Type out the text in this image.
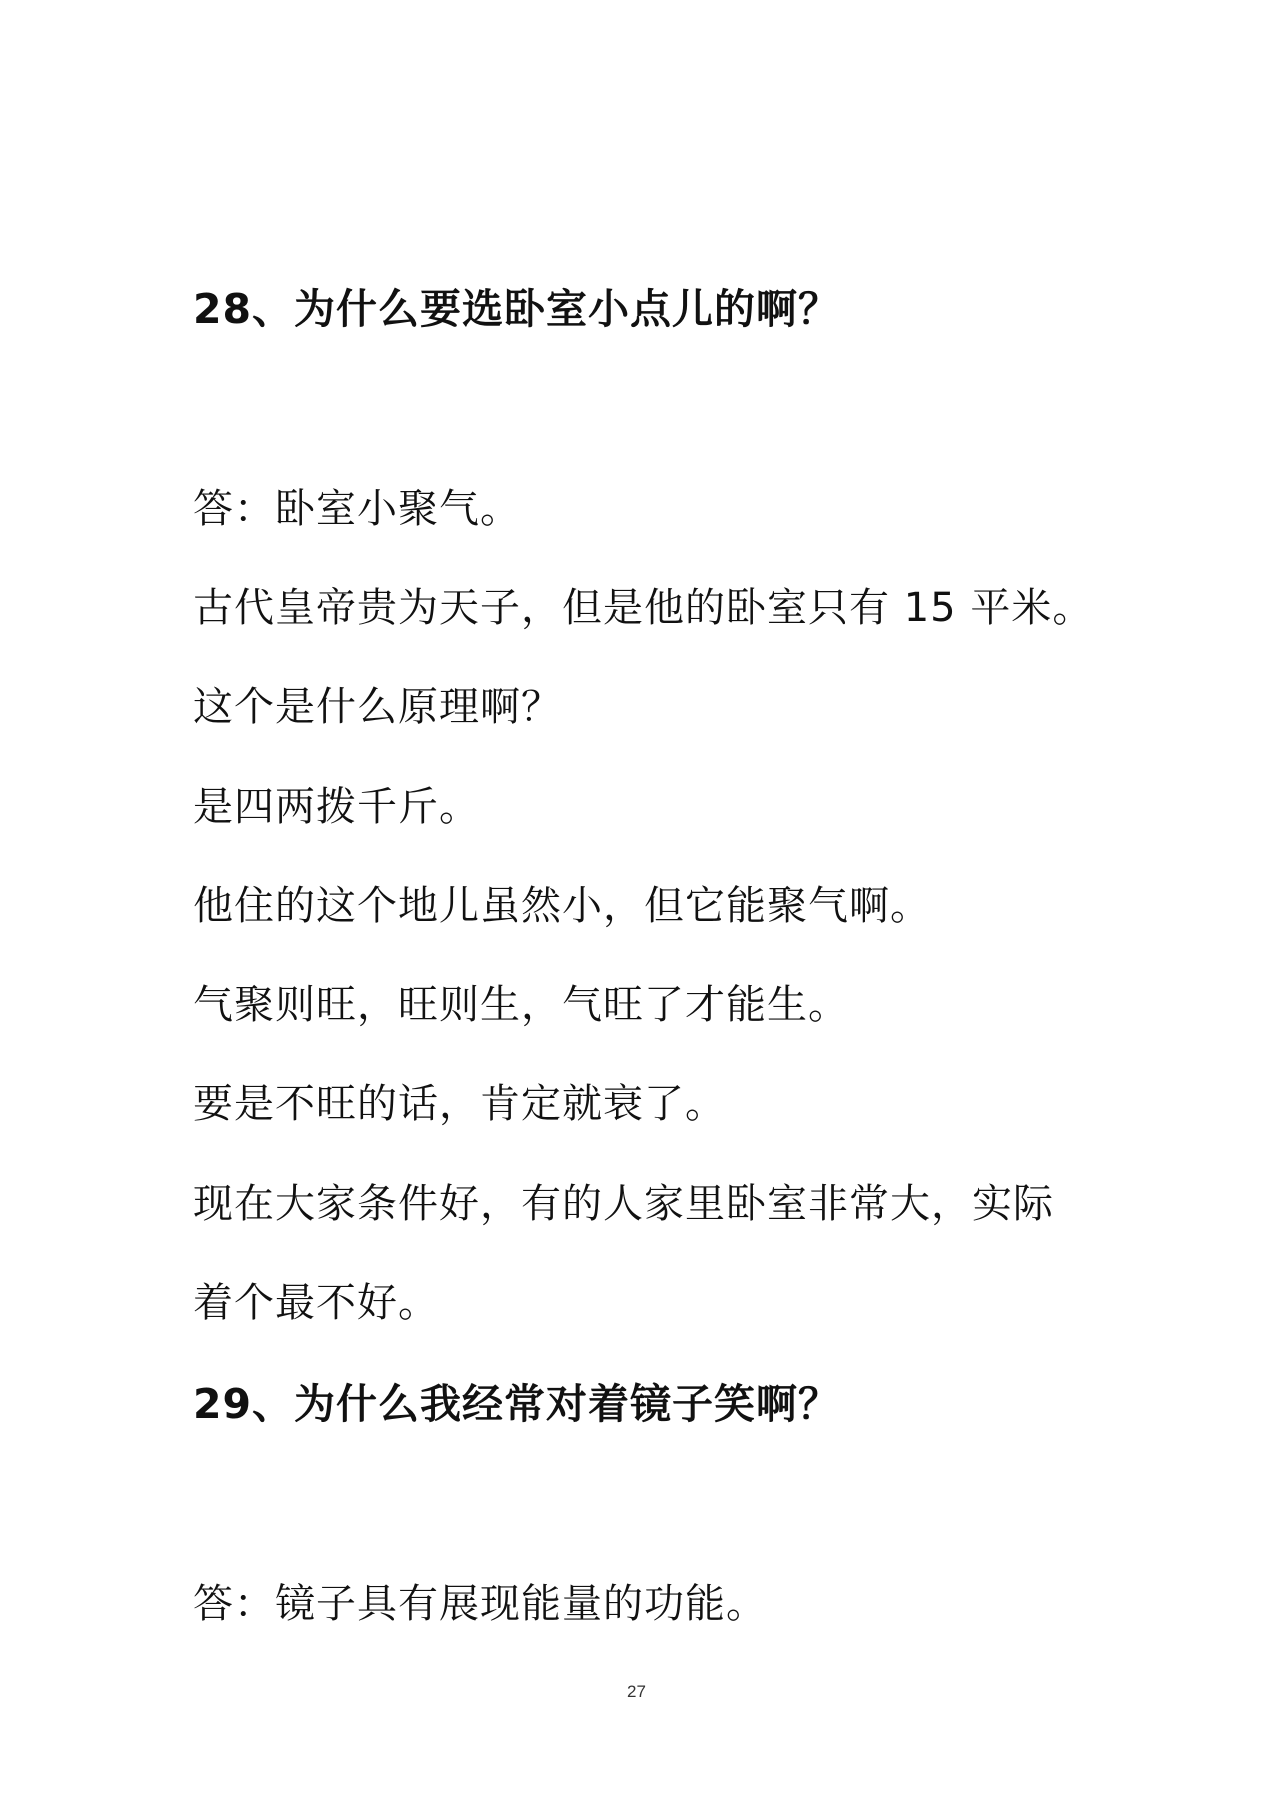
28、为什么要选卧室小点儿的啊？
答：卧室小聚气。
古代皇帝贵为天子，但是他的卧室只有 15 平米。
这个是什么原理啊？
是四两拨千斤。
他住的这个地儿虽然小，但它能聚气啊。
气聚则旺，旺则生，气旺了才能生。
要是不旺的话，肯定就衰了。
现在大家条件好，有的人家里卧室非常大，实际
着个最不好。
29、为什么我经常对着镜子笑啊？
答：镜子具有展现能量的功能。
27
